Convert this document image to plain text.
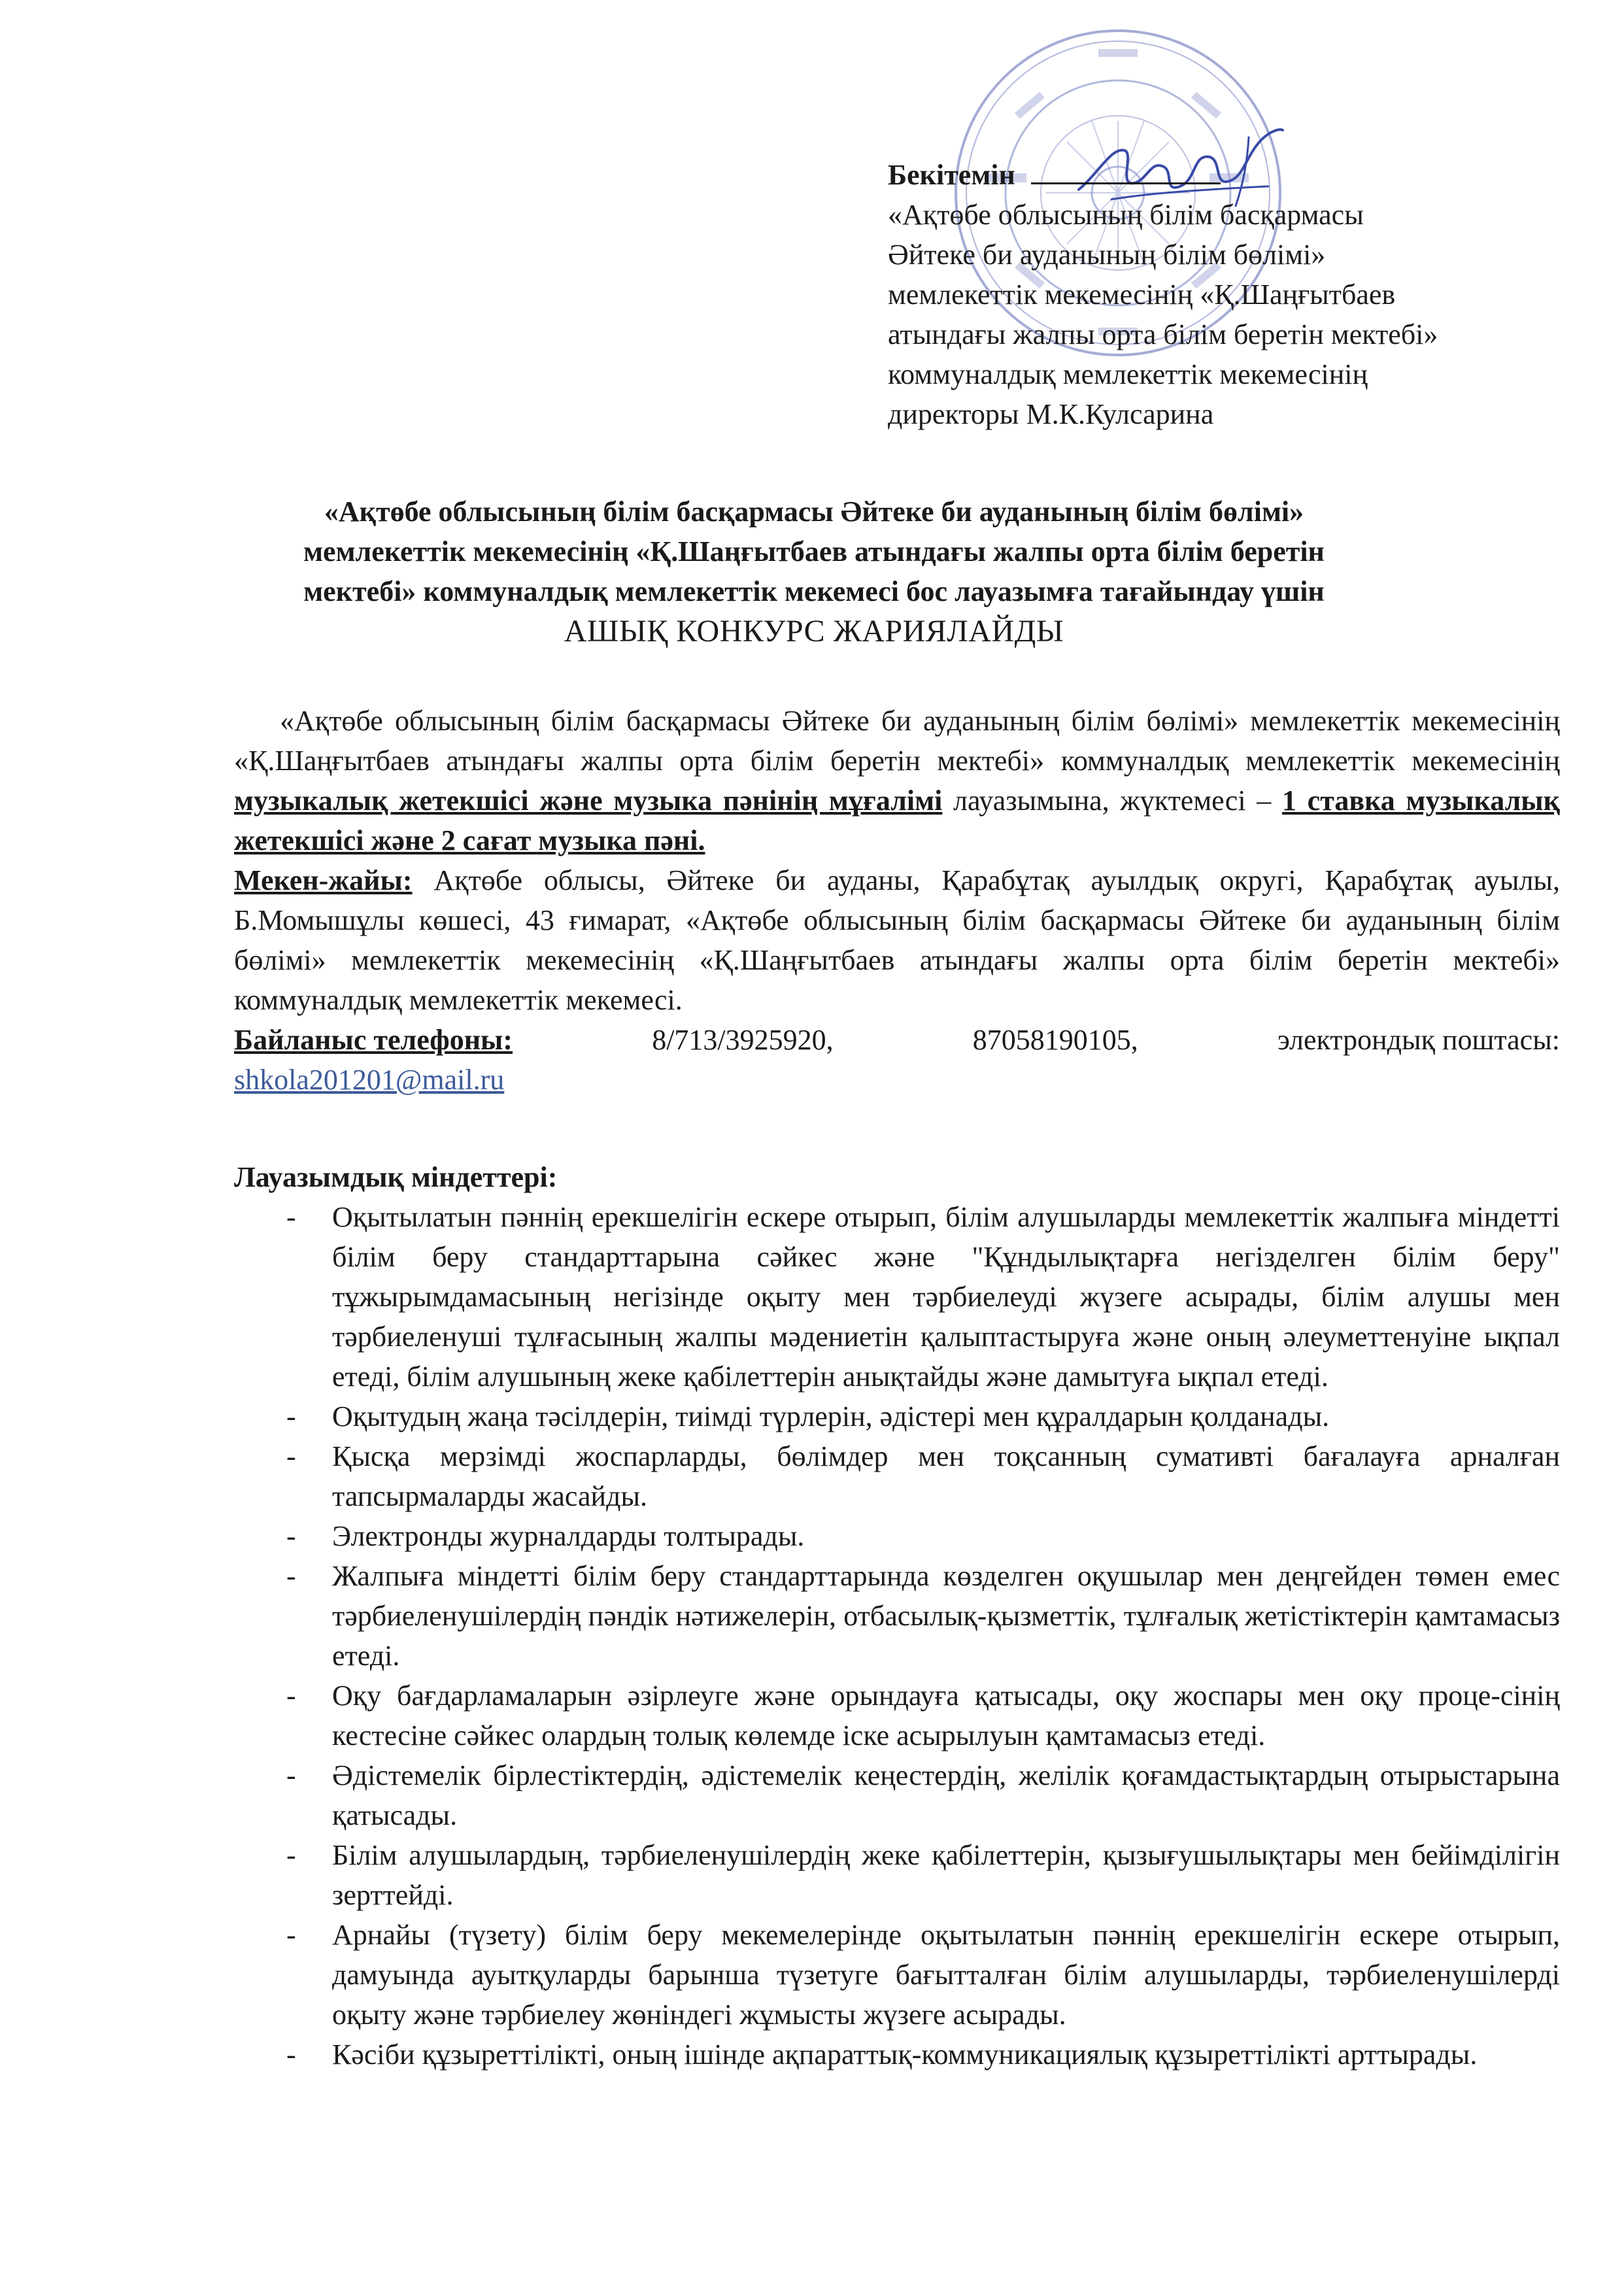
Бекітемін
«Ақтөбе облысының білім басқармасы
Әйтеке би ауданының білім бөлімі»
мемлекеттік мекемесінің «Қ.Шаңғытбаев
атындағы жалпы орта білім беретін мектебі»
коммуналдық мемлекеттік мекемесінің
директоры М.К.Кулсарина
«Ақтөбе облысының білім басқармасы Әйтеке би ауданының білім бөлімі»
мемлекеттік мекемесінің «Қ.Шаңғытбаев атындағы жалпы орта білім беретін
мектебі» коммуналдық мемлекеттік мекемесі бос лауазымға тағайындау үшін
АШЫҚ КОНКУРС ЖАРИЯЛАЙДЫ

«Ақтөбе облысының білім басқармасы Әйтеке би ауданының білім бөлімі» мемлекеттік мекемесінің «Қ.Шаңғытбаев атындағы жалпы орта білім беретін мектебі» коммуналдық мемлекеттік мекемесінің музыкалық жетекшісі және музыка пәнінің мұғалімі лауазымына, жүктемесі – 1 ставка музыкалық жетекшісі және 2 сағат музыка пәні.

Мекен-жайы: Ақтөбе облысы, Әйтеке би ауданы, Қарабұтақ ауылдық округі, Қарабұтақ ауылы, Б.Момышұлы көшесі, 43 ғимарат, «Ақтөбе облысының білім басқармасы Әйтеке би ауданының білім бөлімі» мемлекеттік мекемесінің «Қ.Шаңғытбаев атындағы жалпы орта білім беретін мектебі» коммуналдық мемлекеттік мекемесі.
Байланыс телефоны:	8/713/3925920,	87058190105,	электрондық поштасы:
shkola201201@mail.ru

Лауазымдық міндеттері:

- Оқытылатын пәннің ерекшелігін ескере отырып, білім алушыларды мемлекеттік жалпыға міндетті білім беру стандарттарына сәйкес және "Құндылықтарға негізделген білім беру" тұжырымдамасының негізінде оқыту мен тәрбиелеуді жүзеге асырады, білім алушы мен тәрбиеленуші тұлғасының жалпы мәдениетін қалыптастыруға және оның әлеуметтенуіне ықпал етеді, білім алушының жеке қабілеттерін анықтайды және дамытуға ықпал етеді.
- Оқытудың жаңа тәсілдерін, тиімді түрлерін, әдістері мен құралдарын қолданады.
- Қысқа мерзімді жоспарларды, бөлімдер мен тоқсанның сумативті бағалауға арналған тапсырмаларды жасайды.
- Электронды журналдарды толтырады.
- Жалпыға міндетті білім беру стандарттарында көзделген оқушылар мен деңгейден төмен емес тәрбиеленушілердің пәндік нәтижелерін, отбасылық-қызметтік, тұлғалық жетістіктерін қамтамасыз етеді.
- Оқу бағдарламаларын әзірлеуге және орындауға қатысады, оқу жоспары мен оқу проце-сінің кестесіне сәйкес олардың толық көлемде іске асырылуын қамтамасыз етеді.
- Әдістемелік бірлестіктердің, әдістемелік кеңестердің, желілік қоғамдастықтардың отырыстарына қатысады.
- Білім алушылардың, тәрбиеленушілердің жеке қабілеттерін, қызығушылықтары мен бейімділігін зерттейді.
- Арнайы (түзету) білім беру мекемелерінде оқытылатын пәннің ерекшелігін ескере отырып, дамуында ауытқуларды барынша түзетуге бағытталған білім алушыларды, тәрбиеленушілерді оқыту және тәрбиелеу жөніндегі жұмысты жүзеге асырады.
- Кәсіби құзыреттілікті, оның ішінде ақпараттық-коммуникациялық құзыреттілікті арттырады.
